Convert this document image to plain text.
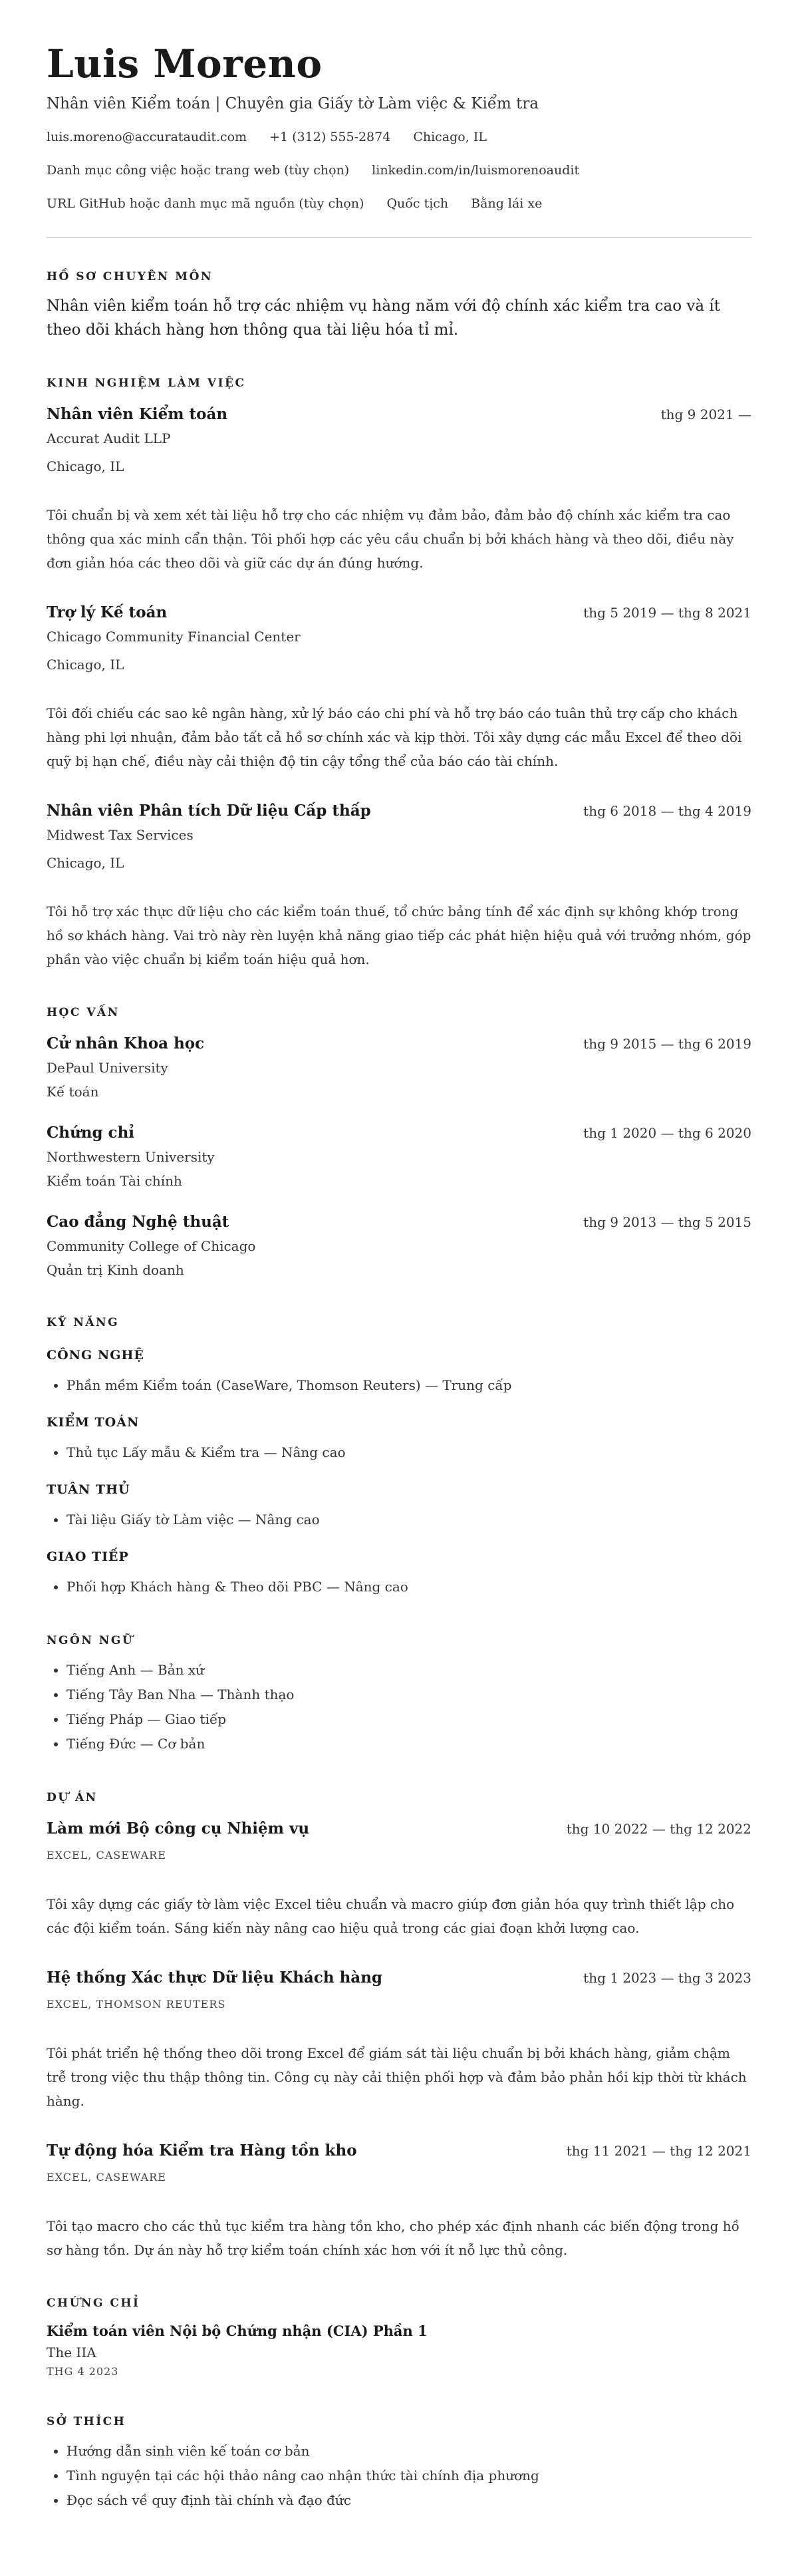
Luis Moreno
Nhân viên Kiểm toán | Chuyên gia Giấy tờ Làm việc & Kiểm tra
luis.moreno@accurataudit.com +1 (312) 555-2874 Chicago, IL
Danh mục công việc hoặc trang web (tùy chọn) linkedin.com/in/luismorenoaudit
URL GitHub hoặc danh mục mã nguồn (tùy chọn) Quốc tịch Bằng lái xe
HỒ SƠ CHUYÊN MÔN
Nhân viên kiểm toán hỗ trợ các nhiệm vụ hàng năm với độ chính xác kiểm tra cao và ít theo dõi khách hàng hơn thông qua tài liệu hóa tỉ mỉ.
KINH NGHIỆM LÀM VIỆC
Nhân viên Kiểm toán	thg 9 2021 —
Accurat Audit LLP
Chicago, IL
Tôi chuẩn bị và xem xét tài liệu hỗ trợ cho các nhiệm vụ đảm bảo, đảm bảo độ chính xác kiểm tra cao thông qua xác minh cẩn thận. Tôi phối hợp các yêu cầu chuẩn bị bởi khách hàng và theo dõi, điều này đơn giản hóa các theo dõi và giữ các dự án đúng hướng.
Trợ lý Kế toán	thg 5 2019 — thg 8 2021
Chicago Community Financial Center
Chicago, IL
Tôi đối chiếu các sao kê ngân hàng, xử lý báo cáo chi phí và hỗ trợ báo cáo tuân thủ trợ cấp cho khách hàng phi lợi nhuận, đảm bảo tất cả hồ sơ chính xác và kịp thời. Tôi xây dựng các mẫu Excel để theo dõi quỹ bị hạn chế, điều này cải thiện độ tin cậy tổng thể của báo cáo tài chính.
Nhân viên Phân tích Dữ liệu Cấp thấp	thg 6 2018 — thg 4 2019
Midwest Tax Services
Chicago, IL
Tôi hỗ trợ xác thực dữ liệu cho các kiểm toán thuế, tổ chức bảng tính để xác định sự không khớp trong hồ sơ khách hàng. Vai trò này rèn luyện khả năng giao tiếp các phát hiện hiệu quả với trưởng nhóm, góp phần vào việc chuẩn bị kiểm toán hiệu quả hơn.
HỌC VẤN
Cử nhân Khoa học	thg 9 2015 — thg 6 2019
DePaul University
Kế toán
Chứng chỉ	thg 1 2020 — thg 6 2020
Northwestern University
Kiểm toán Tài chính
Cao đẳng Nghệ thuật	thg 9 2013 — thg 5 2015
Community College of Chicago
Quản trị Kinh doanh
KỸ NĂNG
CÔNG NGHỆ
• Phần mềm Kiểm toán (CaseWare, Thomson Reuters) — Trung cấp
KIỂM TOÁN
• Thủ tục Lấy mẫu & Kiểm tra — Nâng cao
TUÂN THỦ
• Tài liệu Giấy tờ Làm việc — Nâng cao
GIAO TIẾP
• Phối hợp Khách hàng & Theo dõi PBC — Nâng cao
NGÔN NGỮ
• Tiếng Anh — Bản xứ
• Tiếng Tây Ban Nha — Thành thạo
• Tiếng Pháp — Giao tiếp
• Tiếng Đức — Cơ bản
DỰ ÁN
Làm mới Bộ công cụ Nhiệm vụ	thg 10 2022 — thg 12 2022
EXCEL, CASEWARE
Tôi xây dựng các giấy tờ làm việc Excel tiêu chuẩn và macro giúp đơn giản hóa quy trình thiết lập cho các đội kiểm toán. Sáng kiến này nâng cao hiệu quả trong các giai đoạn khởi lượng cao.
Hệ thống Xác thực Dữ liệu Khách hàng	thg 1 2023 — thg 3 2023
EXCEL, THOMSON REUTERS
Tôi phát triển hệ thống theo dõi trong Excel để giám sát tài liệu chuẩn bị bởi khách hàng, giảm chậm trễ trong việc thu thập thông tin. Công cụ này cải thiện phối hợp và đảm bảo phản hồi kịp thời từ khách hàng.
Tự động hóa Kiểm tra Hàng tồn kho	thg 11 2021 — thg 12 2021
EXCEL, CASEWARE
Tôi tạo macro cho các thủ tục kiểm tra hàng tồn kho, cho phép xác định nhanh các biến động trong hồ sơ hàng tồn. Dự án này hỗ trợ kiểm toán chính xác hơn với ít nỗ lực thủ công.
CHỨNG CHỈ
Kiểm toán viên Nội bộ Chứng nhận (CIA) Phần 1
The IIA
THG 4 2023
SỞ THÍCH
• Hướng dẫn sinh viên kế toán cơ bản
• Tình nguyện tại các hội thảo nâng cao nhận thức tài chính địa phương
• Đọc sách về quy định tài chính và đạo đức
